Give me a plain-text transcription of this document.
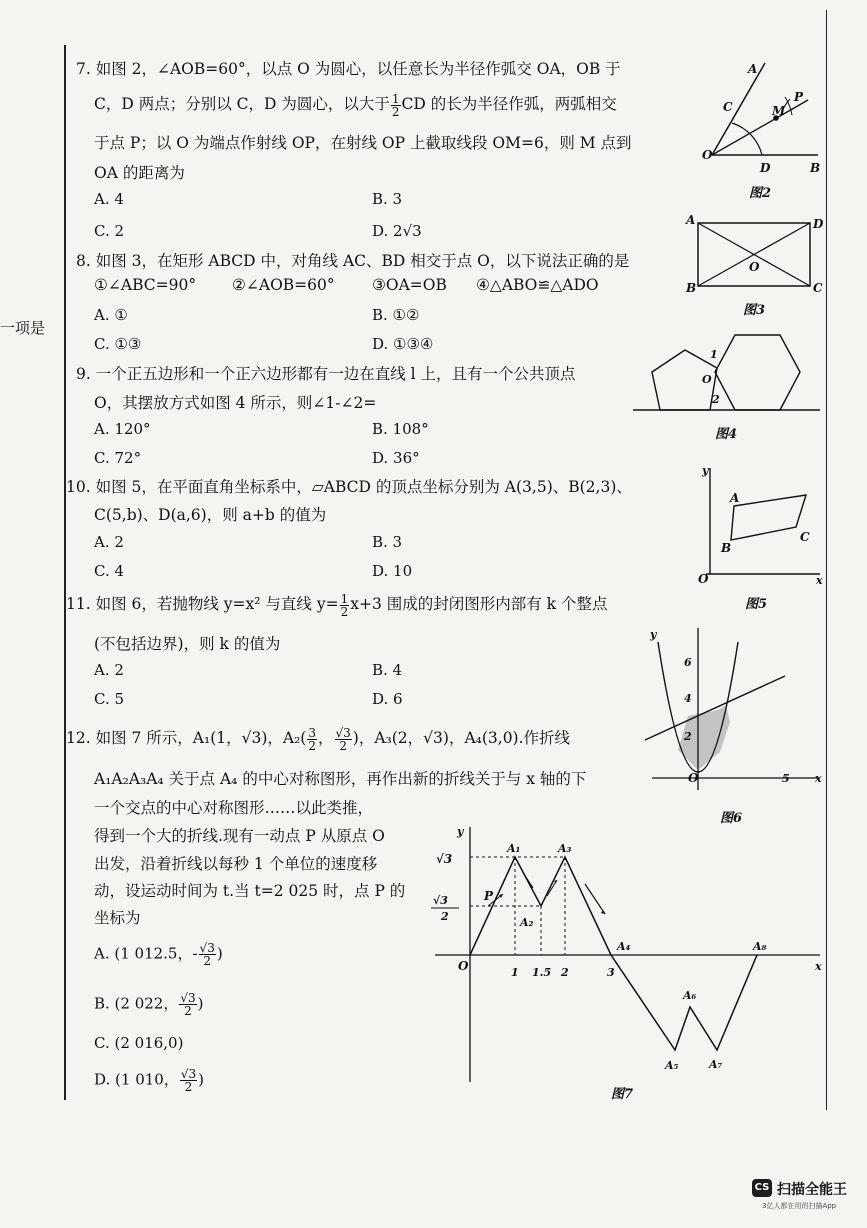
一项是
7. 如图 2，∠AOB=60°，以点 O 为圆心，以任意长为半径作弧交 OA，OB 于
C，D 两点；分别以 C，D 为圆心，以大于 $\frac{1}{2}$ CD 的长为半径作弧，两弧相交
于点 P；以 O 为端点作射线 OP，在射线 OP 上截取线段 OM=6，则 M 点到
OA 的距离为
A. 4	B. 3
C. 2	D. 2√3
8. 如图 3，在矩形 ABCD 中，对角线 AC、BD 相交于点 O，以下说法正确的是
①∠ABC=90° ②∠AOB=60° ③OA=OB ④△ABO≌△ADO
A. ①	B. ①②
C. ①③	D. ①③④
9. 一个正五边形和一个正六边形都有一边在直线 l 上，且有一个公共顶点
O，其摆放方式如图 4 所示，则∠1-∠2=
A. 120°	B. 108°
C. 72°	D. 36°
10. 如图 5，在平面直角坐标系中，▱ABCD 的顶点坐标分别为 A(3,5)、B(2,3)、
C(5,b)、D(a,6)，则 a+b 的值为
A. 2	B. 3
C. 4	D. 10
11. 如图 6，若抛物线 y=x² 与直线 $y= \frac{1}{2} x+3$ 围成的封闭图形内部有 k 个整点
(不包括边界)，则 k 的值为
A. 2	B. 4
C. 5	D. 6
12. 如图 7 所示，A₁(1，√3)，$A_2( \frac{3}{2}$ ， $\frac{√3}{2}$ )，A₃(2，√3)，A₄(3,0).作折线
A₁A₂A₃A₄ 关于点 A₄ 的中心对称图形，再作出新的折线关于与 x 轴的下
一个交点的中心对称图形……以此类推，
得到一个大的折线.现有一动点 P 从原点 O
出发，沿着折线以每秒 1 个单位的速度移
动，设运动时间为 t.当 t=2 025 时，点 P 的
坐标为
A. (1 012.5，- $\frac{√3}{2}$ )
B. (2 022， $\frac{√3}{2}$ )
C. (2 016,0)
D. (1 010， $\frac{√3}{2}$ )
A
C	M
P
O
D	B
图2
A	D
B	C
O
图3
1
O
2
图4
y
A
B
C
O	x
图5
y
6
4
2
O	5 x
图6
y
√3
√3
2
O	1 1.5 2	3	x
A₁
A₂
A₃
A₄
A₅
A₆
A₇
A₈
P
图7
CS 扫描全能王
3亿人都在用的扫描App
